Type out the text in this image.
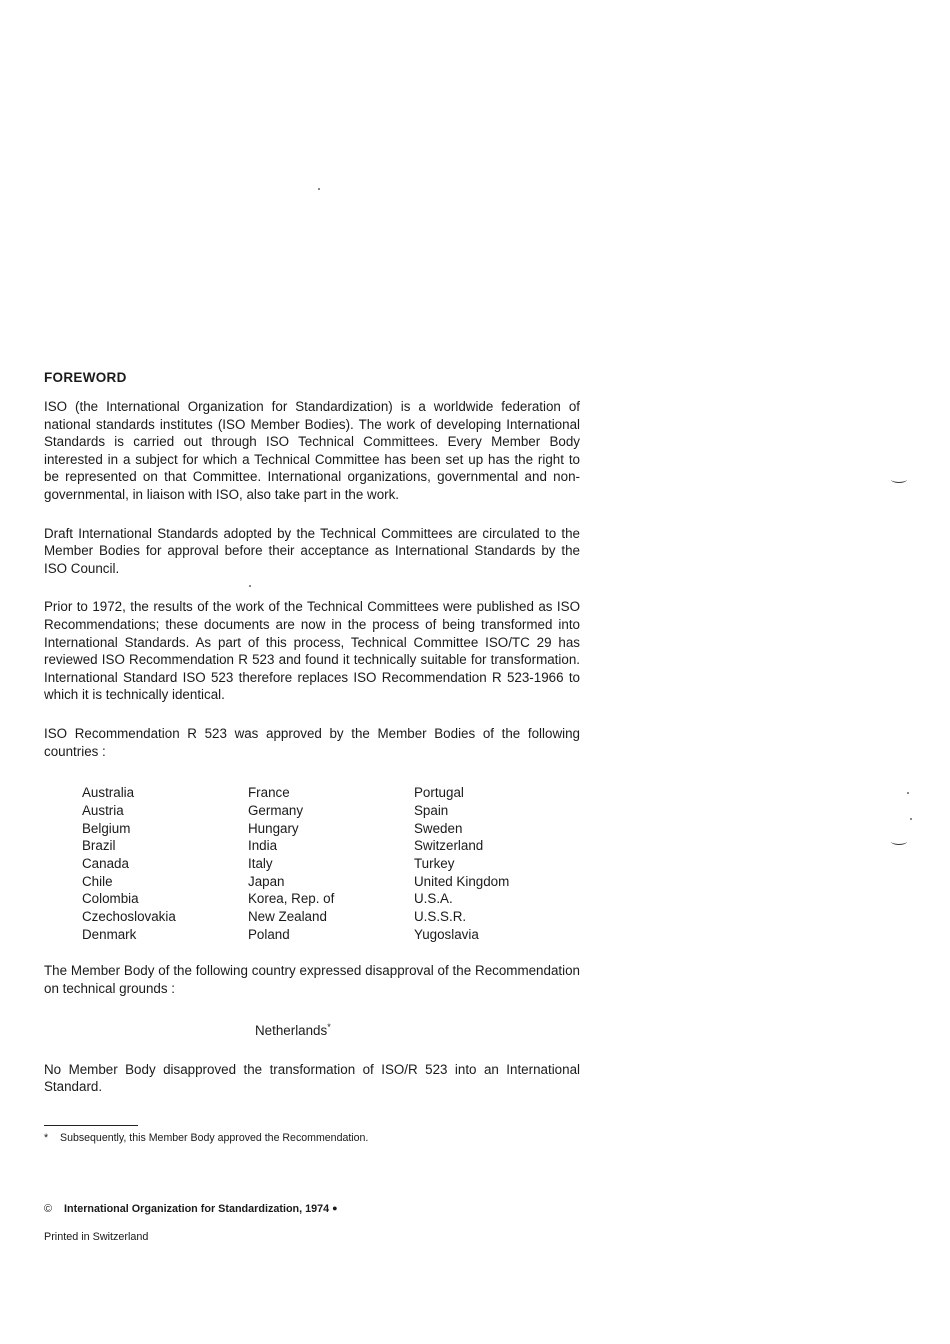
FOREWORD

ISO (the International Organization for Standardization) is a worldwide federation of national standards institutes (ISO Member Bodies). The work of developing International Standards is carried out through ISO Technical Committees. Every Member Body interested in a subject for which a Technical Committee has been set up has the right to be represented on that Committee. International organizations, governmental and non-governmental, in liaison with ISO, also take part in the work.

Draft International Standards adopted by the Technical Committees are circulated to the Member Bodies for approval before their acceptance as International Standards by the ISO Council.

Prior to 1972, the results of the work of the Technical Committees were published as ISO Recommendations; these documents are now in the process of being transformed into International Standards. As part of this process, Technical Committee ISO/TC 29 has reviewed ISO Recommendation R 523 and found it technically suitable for transformation. International Standard ISO 523 therefore replaces ISO Recommendation R 523-1966 to which it is technically identical.

ISO Recommendation R 523 was approved by the Member Bodies of the following countries :

Australia
Austria
Belgium
Brazil
Canada
Chile
Colombia
Czechoslovakia
Denmark
France
Germany
Hungary
India
Italy
Japan
Korea, Rep. of
New Zealand
Poland
Portugal
Spain
Sweden
Switzerland
Turkey
United Kingdom
U.S.A.
U.S.S.R.
Yugoslavia

The Member Body of the following country expressed disapproval of the Recommendation on technical grounds :

Netherlands*

No Member Body disapproved the transformation of ISO/R 523 into an International Standard.

* Subsequently, this Member Body approved the Recommendation.
© International Organization for Standardization, 1974 ●
Printed in Switzerland
